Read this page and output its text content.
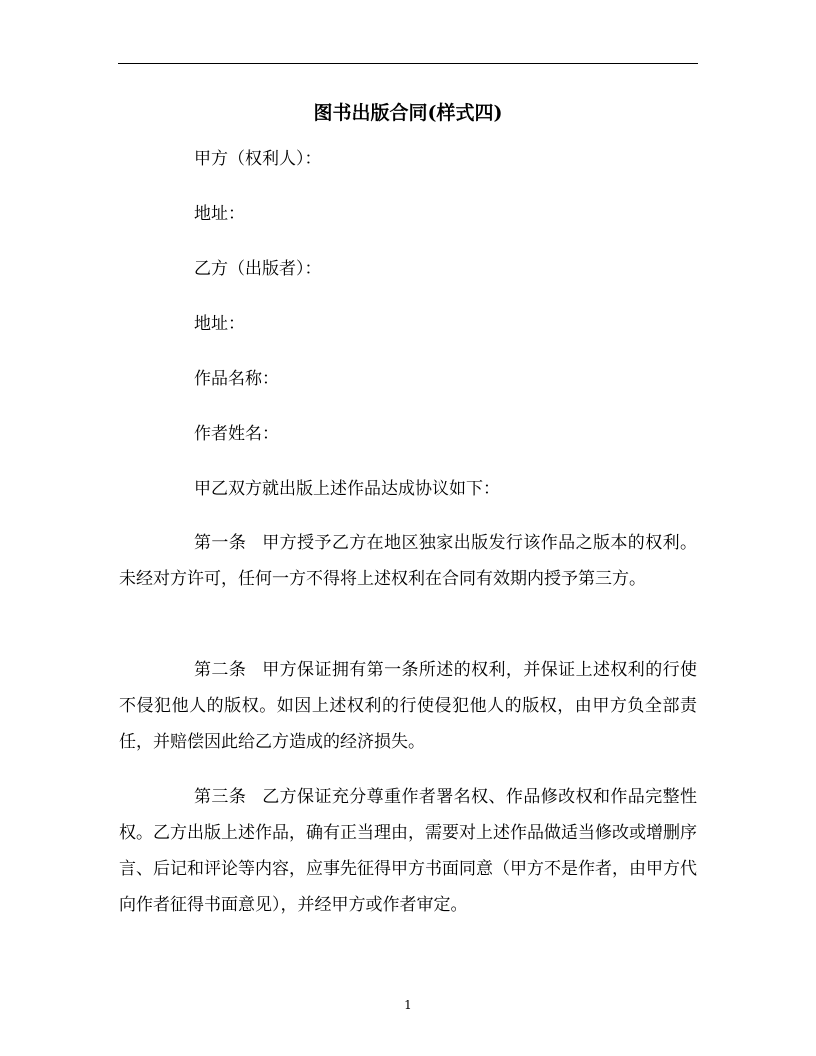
图书出版合同(样式四)
甲方（权利人）：
地址：
乙方（出版者）：
地址：
作品名称：
作者姓名：
甲乙双方就出版上述作品达成协议如下：
第一条 甲方授予乙方在地区独家出版发行该作品之版本的权利。未经对方许可，任何一方不得将上述权利在合同有效期内授予第三方。
第二条 甲方保证拥有第一条所述的权利，并保证上述权利的行使不侵犯他人的版权。如因上述权利的行使侵犯他人的版权，由甲方负全部责任，并赔偿因此给乙方造成的经济损失。
第三条 乙方保证充分尊重作者署名权、作品修改权和作品完整性权。乙方出版上述作品，确有正当理由，需要对上述作品做适当修改或增删序言、后记和评论等内容，应事先征得甲方书面同意（甲方不是作者，由甲方代向作者征得书面意见），并经甲方或作者审定。
1
